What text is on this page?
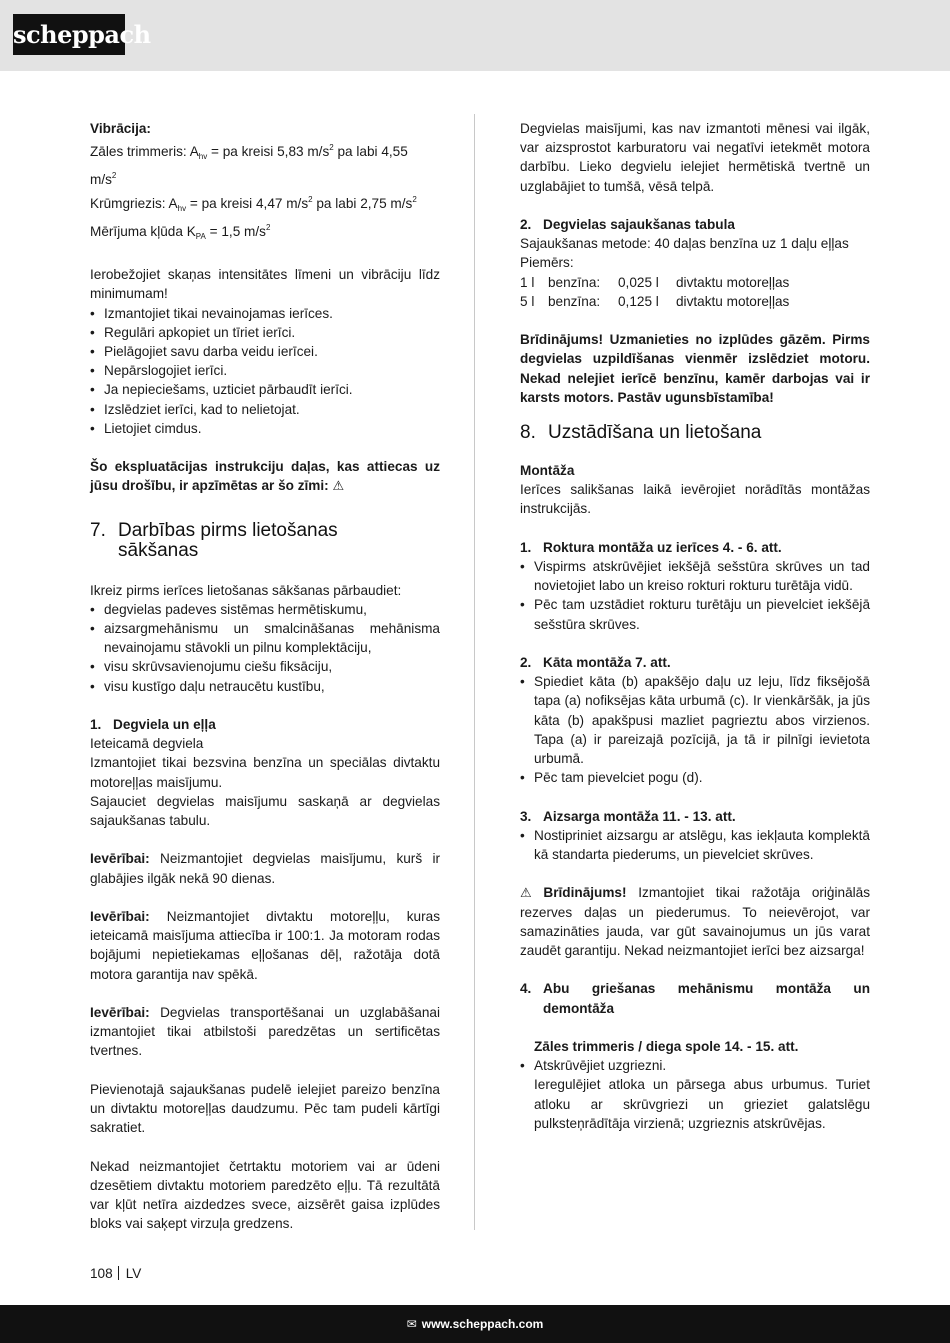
scheppach
Vibrācija:
Zāles trimmeris: $A_{hv}$ = pa kreisi 5,83 $m/s^2$ pa labi 4,55
$m/s^2$
Krūmgriezis: $A_{hv}$ = pa kreisi 4,47 $m/s^2$ pa labi 2,75 $m/s^2$
Mērījuma kļūda $K_{PA} = 1,5$ $m/s^2$
Ierobežojiet skaņas intensitātes līmeni un vibrāciju līdz minimumam!
• Izmantojiet tikai nevainojamas ierīces.
• Regulāri apkopiet un tīriet ierīci.
• Pielāgojiet savu darba veidu ierīcei.
• Nepārslogojiet ierīci.
• Ja nepieciešams, uzticiet pārbaudīt ierīci.
• Izslēdziet ierīci, kad to nelietojat.
• Lietojiet cimdus.
Šo ekspluatācijas instrukciju daļas, kas attiecas uz jūsu drošību, ir apzīmētas ar šo zīmi: ⚠
7. Darbības pirms lietošanas
sākšanas
Ikreiz pirms ierīces lietošanas sākšanas pārbaudiet:
• degvielas padeves sistēmas hermētiskumu,
• aizsargmehānismu un smalcināšanas mehānisma nevainojamu stāvokli un pilnu komplektāciju,
• visu skrūvsavienojumu ciešu fiksāciju,
• visu kustīgo daļu netraucētu kustību,
1. Degviela un eļļa
Ieteicamā degviela
Izmantojiet tikai bezsvina benzīna un speciālas divtaktu motoreļļas maisījumu.
Sajauciet degvielas maisījumu saskaņā ar degvielas sajaukšanas tabulu.
Ievērībai: Neizmantojiet degvielas maisījumu, kurš ir glabājies ilgāk nekā 90 dienas.
Ievērībai: Neizmantojiet divtaktu motoreļļu, kuras ieteicamā maisījuma attiecība ir 100:1. Ja motoram rodas bojājumi nepietiekamas eļļošanas dēļ, ražotāja dotā motora garantija nav spēkā.
Ievērībai: Degvielas transportēšanai un uzglabāšanai izmantojiet tikai atbilstoši paredzētas un sertificētas tvertnes.
Pievienotajā sajaukšanas pudelē ielejiet pareizo benzīna un divtaktu motoreļļas daudzumu. Pēc tam pudeli kārtīgi sakratiet.
Nekad neizmantojiet četrtaktu motoriem vai ar ūdeni dzesētiem divtaktu motoriem paredzēto eļļu. Tā rezultātā var kļūt netīra aizdedzes svece, aizsērēt gaisa izplūdes bloks vai saķept virzuļa gredzens.
Degvielas maisījumi, kas nav izmantoti mēnesi vai ilgāk, var aizsprostot karburatoru vai negatīvi ietekmēt motora darbību. Lieko degvielu ielejiet hermētiskā tvertnē un uzglabājiet to tumšā, vēsā telpā.
2. Degvielas sajaukšanas tabula
Sajaukšanas metode: 40 daļas benzīna uz 1 daļu eļļas
Piemērs:
1 l	benzīna:	0,025 l	divtaktu motoreļļas
5 l	benzīna:	0,125 l	divtaktu motoreļļas
Brīdinājums! Uzmanieties no izplūdes gāzēm. Pirms degvielas uzpildīšanas vienmēr izslēdziet motoru. Nekad nelejiet ierīcē benzīnu, kamēr darbojas vai ir karsts motors. Pastāv ugunsbīstamība!
8. Uzstādīšana un lietošana
Montāža
Ierīces salikšanas laikā ievērojiet norādītās montāžas instrukcijās.
1. Roktura montāža uz ierīces 4. - 6. att.
• Vispirms atskrūvējiet iekšējā sešstūra skrūves un tad novietojiet labo un kreiso rokturi rokturu turētāja vidū.
• Pēc tam uzstādiet rokturu turētāju un pievelciet iekšējā sešstūra skrūves.
2. Kāta montāža 7. att.
• Spiediet kāta (b) apakšējo daļu uz leju, līdz fiksējošā tapa (a) nofiksējas kāta urbumā (c). Ir vienkāršāk, ja jūs kāta (b) apakšpusi mazliet pagrieztu abos virzienos. Tapa (a) ir pareizajā pozīcijā, ja tā ir pilnīgi ievietota urbumā.
• Pēc tam pievelciet pogu (d).
3. Aizsarga montāža 11. - 13. att.
• Nostipriniet aizsargu ar atslēgu, kas iekļauta komplektā kā standarta piederums, un pievelciet skrūves.
⚠ Brīdinājums! Izmantojiet tikai ražotāja oriģinālās rezerves daļas un piederumus. To neievērojot, var samazināties jauda, var gūt savainojumus un jūs varat zaudēt garantiju. Nekad neizmantojiet ierīci bez aizsarga!
4. Abu griešanas mehānismu montāža un demontāža
Zāles trimmeris / diega spole 14. - 15. att.
• Atskrūvējiet uzgriezni.
Ieregulējiet atloka un pārsega abus urbumus. Turiet atloku ar skrūvgriezi un grieziet galatslēgu pulksteņrādītāja virzienā; uzgrieznis atskrūvējas.
108 LV
✉ www.scheppach.com
